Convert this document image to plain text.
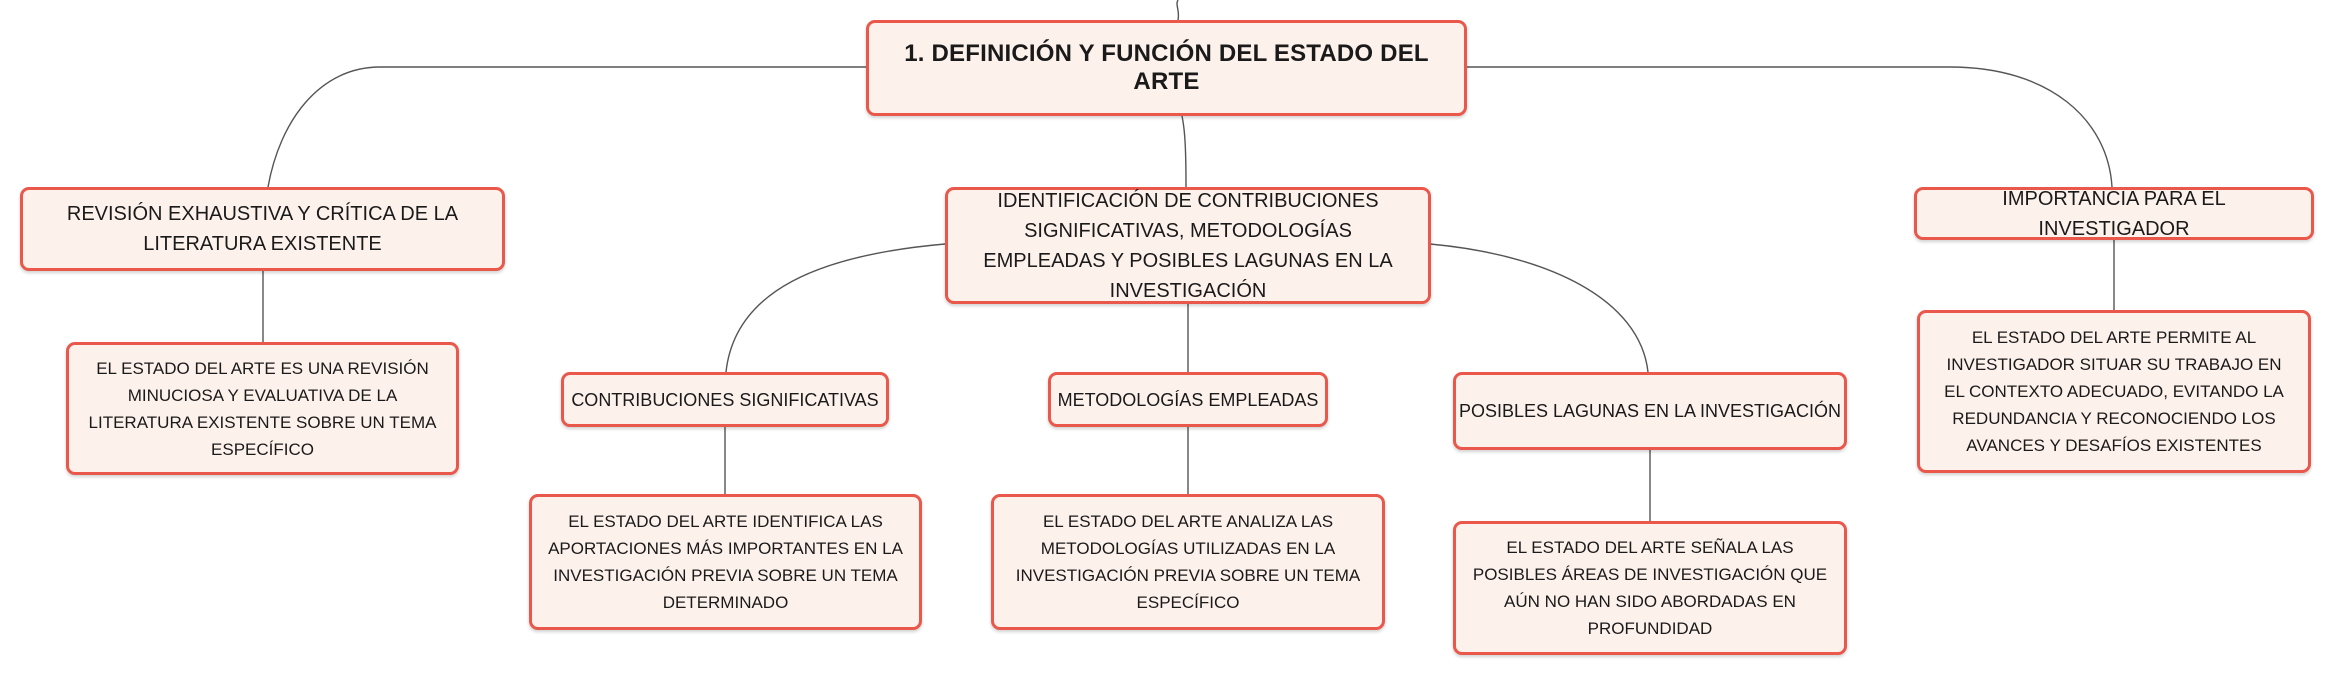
1. DEFINICIÓN Y FUNCIÓN DEL ESTADO DEL ARTE
REVISIÓN EXHAUSTIVA Y CRÍTICA DE LA LITERATURA EXISTENTE
IDENTIFICACIÓN DE CONTRIBUCIONES SIGNIFICATIVAS, METODOLOGÍAS EMPLEADAS Y POSIBLES LAGUNAS EN LA INVESTIGACIÓN
IMPORTANCIA PARA EL INVESTIGADOR
EL ESTADO DEL ARTE ES UNA REVISIÓN MINUCIOSA Y EVALUATIVA DE LA LITERATURA EXISTENTE SOBRE UN TEMA ESPECÍFICO
CONTRIBUCIONES SIGNIFICATIVAS	METODOLOGÍAS EMPLEADAS
POSIBLES LAGUNAS EN LA INVESTIGACIÓN
EL ESTADO DEL ARTE PERMITE AL INVESTIGADOR SITUAR SU TRABAJO EN EL CONTEXTO ADECUADO, EVITANDO LA REDUNDANCIA Y RECONOCIENDO LOS AVANCES Y DESAFÍOS EXISTENTES
EL ESTADO DEL ARTE IDENTIFICA LAS APORTACIONES MÁS IMPORTANTES EN LA INVESTIGACIÓN PREVIA SOBRE UN TEMA DETERMINADO
EL ESTADO DEL ARTE ANALIZA LAS METODOLOGÍAS UTILIZADAS EN LA INVESTIGACIÓN PREVIA SOBRE UN TEMA ESPECÍFICO
EL ESTADO DEL ARTE SEÑALA LAS POSIBLES ÁREAS DE INVESTIGACIÓN QUE AÚN NO HAN SIDO ABORDADAS EN PROFUNDIDAD
